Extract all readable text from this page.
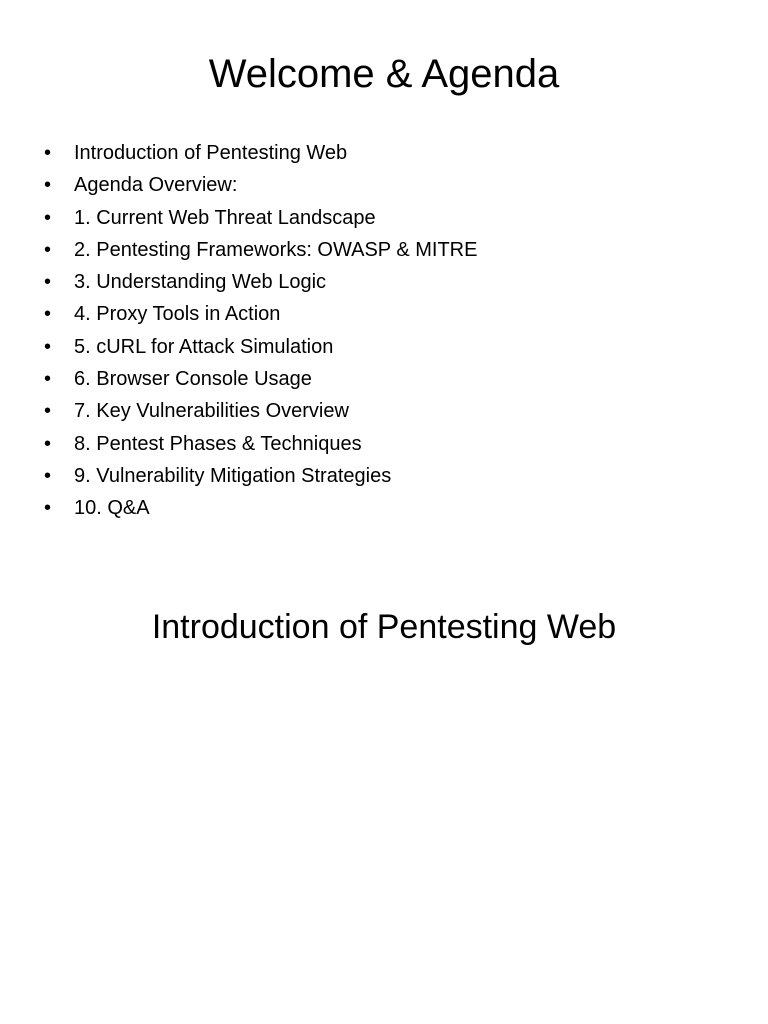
Welcome & Agenda
•	Introduction of Pentesting Web
•	Agenda Overview:
•	1. Current Web Threat Landscape
•	2. Pentesting Frameworks: OWASP & MITRE
•	3. Understanding Web Logic
•	4. Proxy Tools in Action
•	5. cURL for Attack Simulation
•	6. Browser Console Usage
•	7. Key Vulnerabilities Overview
•	8. Pentest Phases & Techniques
•	9. Vulnerability Mitigation Strategies
•	10. Q&A
Introduction of Pentesting Web
